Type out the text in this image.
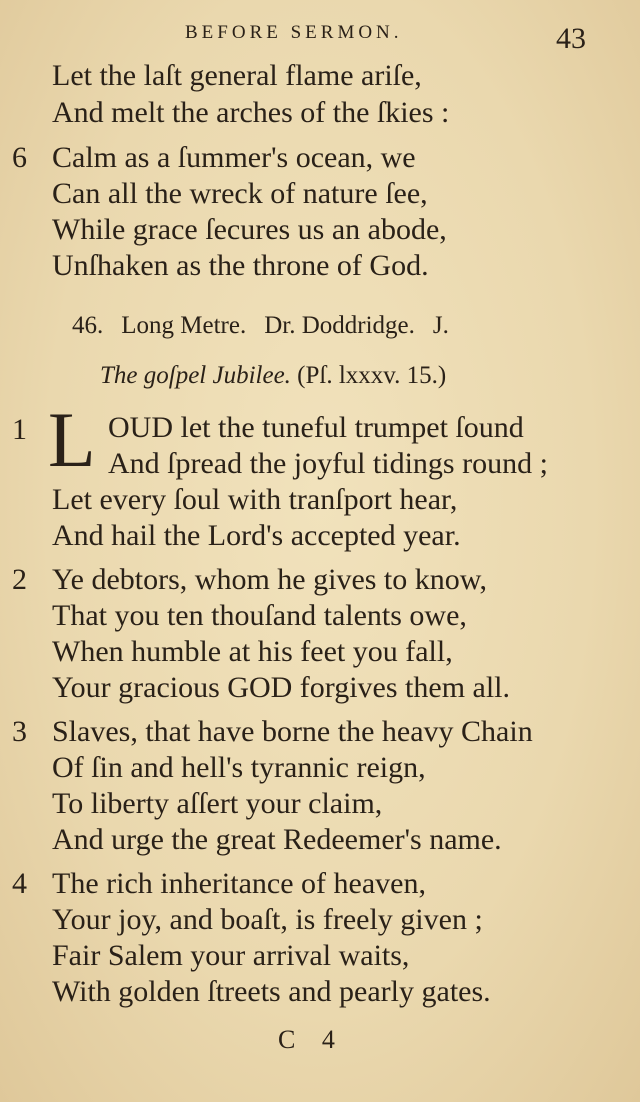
BEFORE SERMON.	43
Let the laſt general flame ariſe,
And melt the arches of the ſkies :
6 Calm as a ſummer's ocean, we
Can all the wreck of nature ſee,
While grace ſecures us an abode,
Unſhaken as the throne of God.
46. Long Metre. Dr. Doddridge. J.
The goſpel Jubilee. (Pſ. lxxxv. 15.)
1 L OUD let the tuneful trumpet ſound
And ſpread the joyful tidings round ;
Let every ſoul with tranſport hear,
And hail the Lord's accepted year.
2 Ye debtors, whom he gives to know,
That you ten thouſand talents owe,
When humble at his feet you fall,
Your gracious GOD forgives them all.
3 Slaves, that have borne the heavy Chain
Of ſin and hell's tyrannic reign,
To liberty aſſert your claim,
And urge the great Redeemer's name.
4 The rich inheritance of heaven,
Your joy, and boaſt, is freely given ;
Fair Salem your arrival waits,
With golden ſtreets and pearly gates.
C 4
